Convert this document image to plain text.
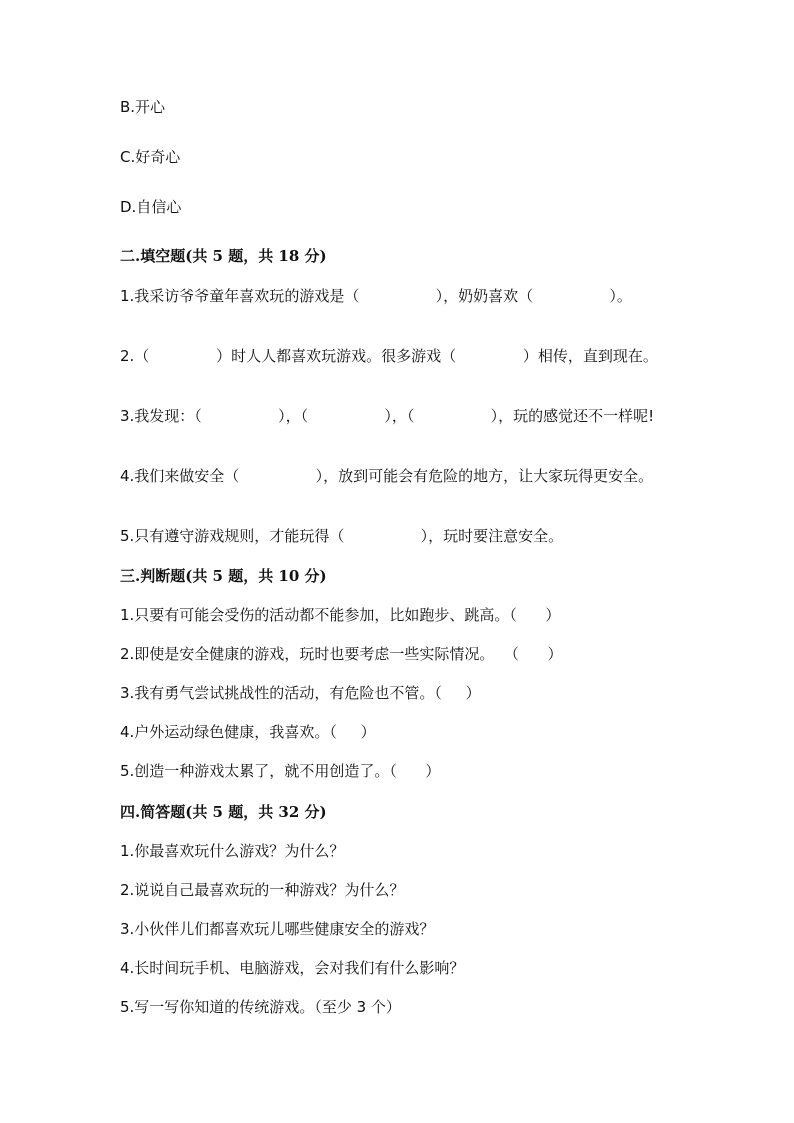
B.开心
C.好奇心
D.自信心
二.填空题(共 5 题，共 18 分)
1.我采访爷爷童年喜欢玩的游戏是（                ），奶奶喜欢（                ）。
2.（              ）时人人都喜欢玩游戏。很多游戏（              ）相传，直到现在。
3.我发现：（                ），（                ），（                ），玩的感觉还不一样呢!
4.我们来做安全（                ），放到可能会有危险的地方，让大家玩得更安全。
5.只有遵守游戏规则，才能玩得（                ），玩时要注意安全。
三.判断题(共 5 题，共 10 分)
1.只要有可能会受伤的活动都不能参加，比如跑步、跳高。（      ）
2.即使是安全健康的游戏，玩时也要考虑一些实际情况。  （      ）
3.我有勇气尝试挑战性的活动，有危险也不管。（     ）
4.户外运动绿色健康，我喜欢。（     ）
5.创造一种游戏太累了，就不用创造了。（      ）
四.简答题(共 5 题，共 32 分)
1.你最喜欢玩什么游戏？为什么？
2.说说自己最喜欢玩的一种游戏？为什么？
3.小伙伴儿们都喜欢玩儿哪些健康安全的游戏？
4.长时间玩手机、电脑游戏，会对我们有什么影响？
5.写一写你知道的传统游戏。（至少 3 个）
